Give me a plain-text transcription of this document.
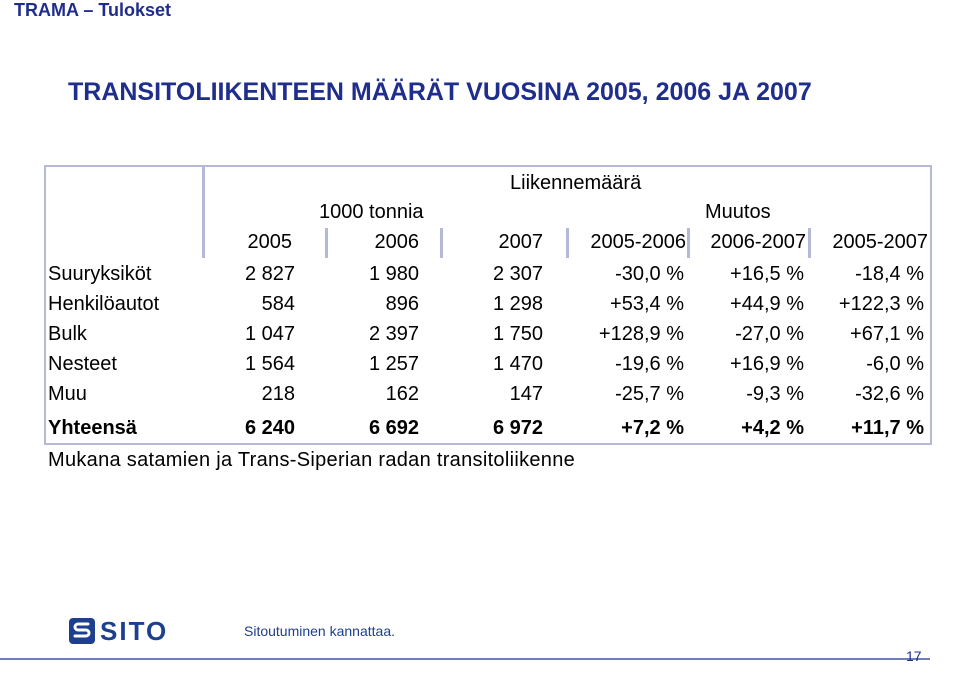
TRAMA – Tulokset
TRANSITOLIIKENTEEN MÄÄRÄT VUOSINA 2005, 2006 JA 2007
Liikennemäärä
1000 tonnia	Muutos
2005	2006	2007	2005-2006	2006-2007	2005-2007
Suuryksiköt	2 827	1 980	2 307	-30,0 %	+16,5 %	-18,4 %
Henkilöautot	584	896	1 298	+53,4 %	+44,9 %	+122,3 %
Bulk	1 047	2 397	1 750	+128,9 %	-27,0 %	+67,1 %
Nesteet	1 564	1 257	1 470	-19,6 %	+16,9 %	-6,0 %
Muu	218	162	147	-25,7 %	-9,3 %	-32,6 %
Yhteensä	6 240	6 692	6 972	+7,2 %	+4,2 %	+11,7 %
Mukana satamien ja Trans-Siperian radan transitoliikenne
SITO	Sitoutuminen kannattaa.
17
